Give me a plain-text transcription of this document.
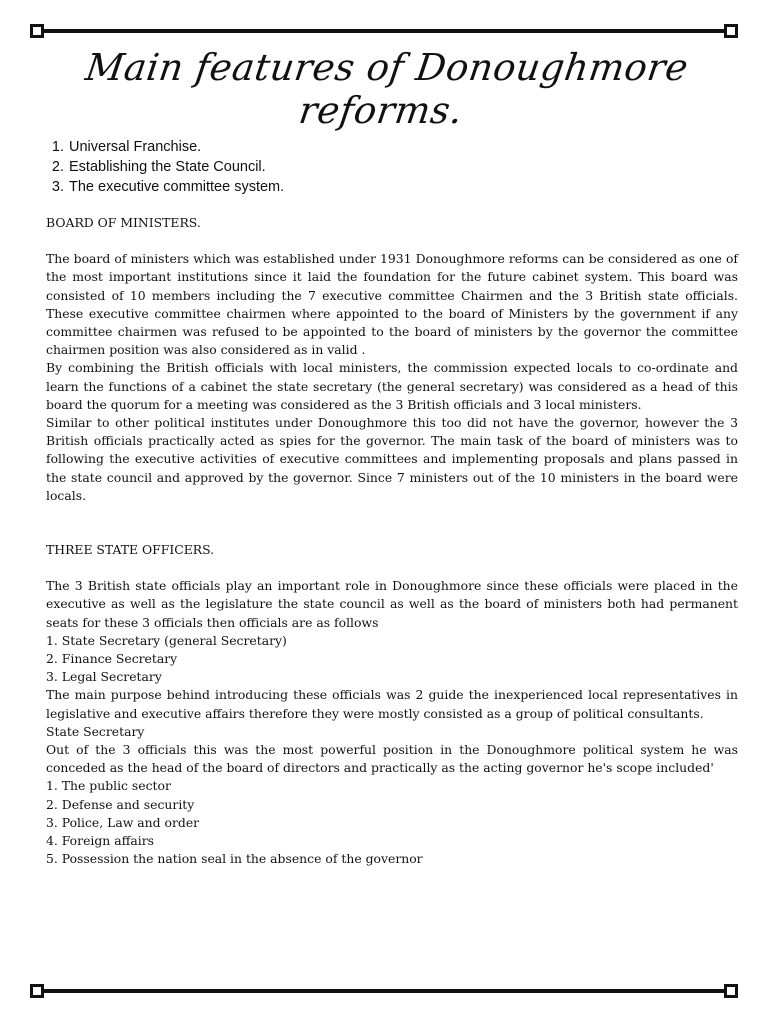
Main features of Donoughmore reforms.
1. Universal Franchise.
2. Establishing the State Council.
3. The executive committee system.

BOARD OF MINISTERS.

The board of ministers which was established under 1931 Donoughmore reforms can be considered as one of the most important institutions since it laid the foundation for the future cabinet system. This board was consisted of 10 members including the 7 executive committee Chairmen and the 3 British state officials. These executive committee chairmen where appointed to the board of Ministers by the government if any committee chairmen was refused to be appointed to the board of ministers by the governor the committee chairmen position was also considered as in valid .

By combining the British officials with local ministers, the commission expected locals to co-ordinate and learn the functions of a cabinet the state secretary (the general secretary) was considered as a head of this board the quorum for a meeting was considered as the 3 British officials and 3 local ministers.

Similar to other political institutes under Donoughmore this too did not have the governor, however the 3 British officials practically acted as spies for the governor. The main task of the board of ministers was to following the executive activities of executive committees and implementing proposals and plans passed in the state council and approved by the governor. Since 7 ministers out of the 10 ministers in the board were locals.

THREE STATE OFFICERS.

The 3 British state officials play an important role in Donoughmore since these officials were placed in the executive as well as the legislature the state council as well as the board of ministers both had permanent seats for these 3 officials then officials are as follows

1. State Secretary (general Secretary)

2. Finance Secretary

3. Legal Secretary

The main purpose behind introducing these officials was 2 guide the inexperienced local representatives in legislative and executive affairs therefore they were mostly consisted as a group of political consultants.

State Secretary

Out of the 3 officials this was the most powerful position in the Donoughmore political system he was conceded as the head of the board of directors and practically as the acting governor he's scope included'

1. The public sector

2. Defense and security

3. Police, Law and order

4. Foreign affairs

5. Possession the nation seal in the absence of the governor
